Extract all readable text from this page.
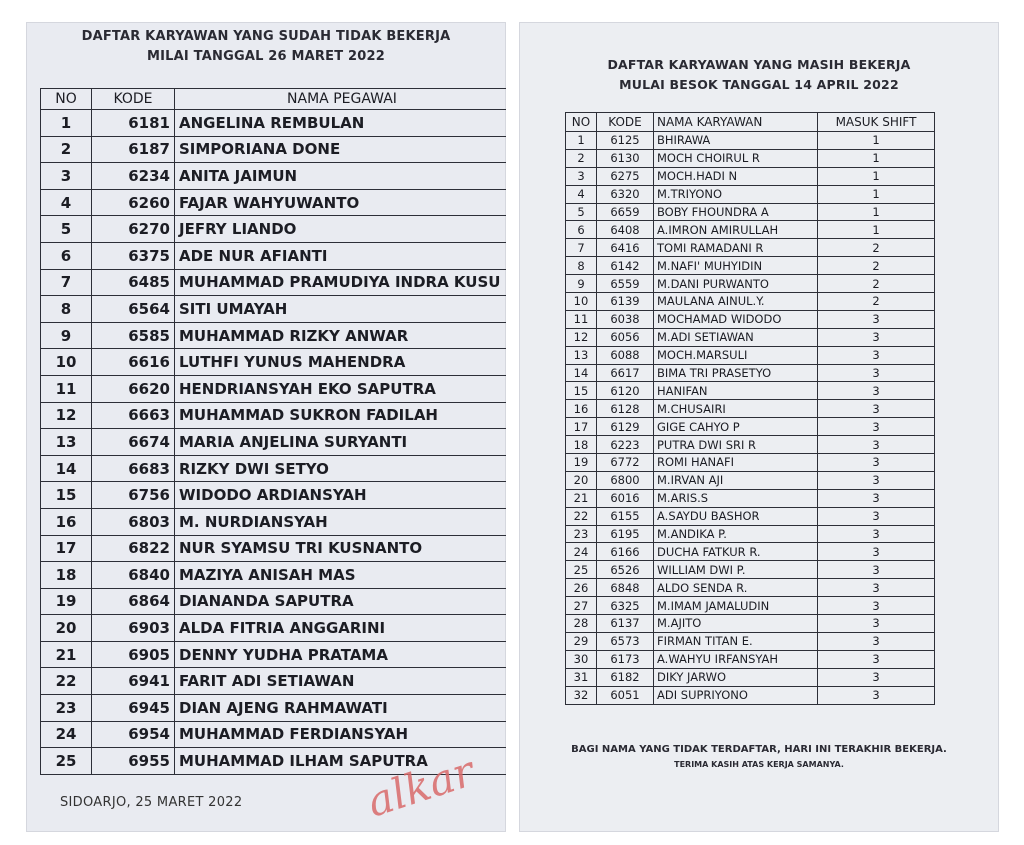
DAFTAR KARYAWAN YANG SUDAH TIDAK BEKERJA
MILAI TANGGAL 26 MARET 2022
NO	KODE	NAMA PEGAWAI
1	6181	ANGELINA REMBULAN
2	6187	SIMPORIANA DONE
3	6234	ANITA JAIMUN
4	6260	FAJAR WAHYUWANTO
5	6270	JEFRY LIANDO
6	6375	ADE NUR AFIANTI
7	6485	MUHAMMAD PRAMUDIYA INDRA KUSU
8	6564	SITI UMAYAH
9	6585	MUHAMMAD RIZKY ANWAR
10	6616	LUTHFI YUNUS MAHENDRA
11	6620	HENDRIANSYAH EKO SAPUTRA
12	6663	MUHAMMAD SUKRON FADILAH
13	6674	MARIA ANJELINA SURYANTI
14	6683	RIZKY DWI SETYO
15	6756	WIDODO ARDIANSYAH
16	6803	M. NURDIANSYAH
17	6822	NUR SYAMSU TRI KUSNANTO
18	6840	MAZIYA ANISAH MAS
19	6864	DIANANDA SAPUTRA
20	6903	ALDA FITRIA ANGGARINI
21	6905	DENNY YUDHA PRATAMA
22	6941	FARIT ADI SETIAWAN
23	6945	DIAN AJENG RAHMAWATI
24	6954	MUHAMMAD FERDIANSYAH
25	6955	MUHAMMAD ILHAM SAPUTRA
SIDOARJO, 25 MARET 2022	alkar
DAFTAR KARYAWAN YANG MASIH BEKERJA
MULAI BESOK TANGGAL 14 APRIL 2022
NO	KODE	NAMA KARYAWAN	MASUK SHIFT
1	6125	BHIRAWA	1
2	6130	MOCH CHOIRUL R	1
3	6275	MOCH.HADI N	1
4	6320	M.TRIYONO	1
5	6659	BOBY FHOUNDRA A	1
6	6408	A.IMRON AMIRULLAH	1
7	6416	TOMI RAMADANI R	2
8	6142	M.NAFI' MUHYIDIN	2
9	6559	M.DANI PURWANTO	2
10	6139	MAULANA AINUL.Y.	2
11	6038	MOCHAMAD WIDODO	3
12	6056	M.ADI SETIAWAN	3
13	6088	MOCH.MARSULI	3
14	6617	BIMA TRI PRASETYO	3
15	6120	HANIFAN	3
16	6128	M.CHUSAIRI	3
17	6129	GIGE CAHYO P	3
18	6223	PUTRA DWI SRI R	3
19	6772	ROMI HANAFI	3
20	6800	M.IRVAN AJI	3
21	6016	M.ARIS.S	3
22	6155	A.SAYDU BASHOR	3
23	6195	M.ANDIKA P.	3
24	6166	DUCHA FATKUR R.	3
25	6526	WILLIAM DWI P.	3
26	6848	ALDO SENDA R.	3
27	6325	M.IMAM JAMALUDIN	3
28	6137	M.AJITO	3
29	6573	FIRMAN TITAN E.	3
30	6173	A.WAHYU IRFANSYAH	3
31	6182	DIKY JARWO	3
32	6051	ADI SUPRIYONO	3
BAGI NAMA YANG TIDAK TERDAFTAR, HARI INI TERAKHIR BEKERJA.
TERIMA KASIH ATAS KERJA SAMANYA.
